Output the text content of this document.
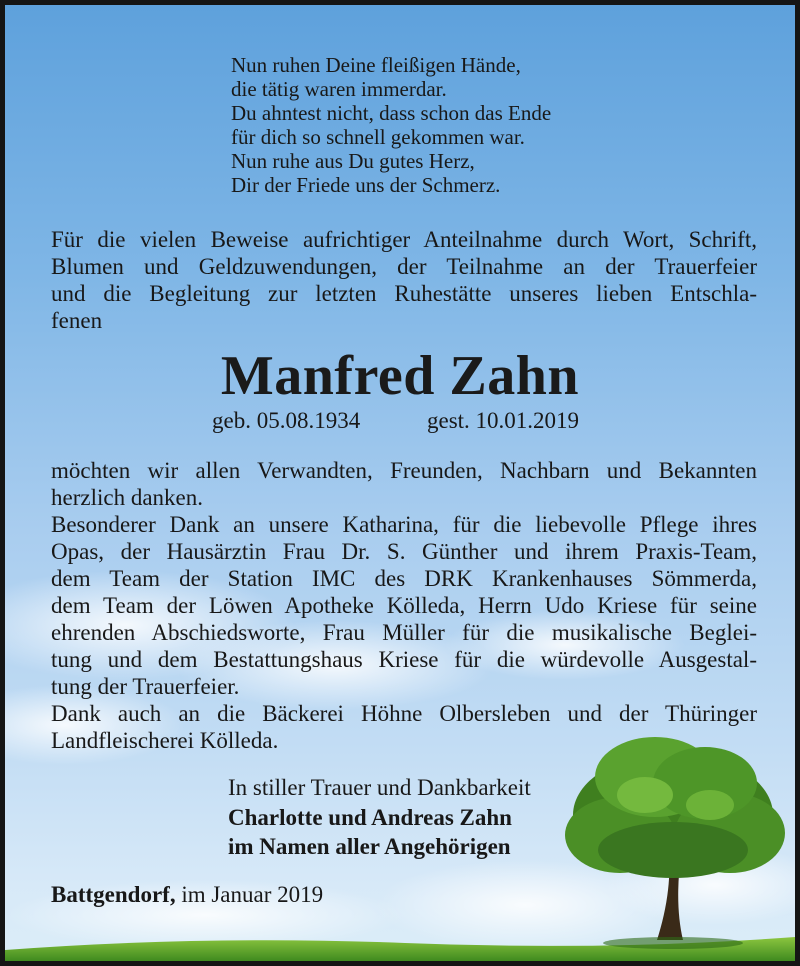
Nun ruhen Deine fleißigen Hände,
die tätig waren immerdar.
Du ahntest nicht, dass schon das Ende
für dich so schnell gekommen war.
Nun ruhe aus Du gutes Herz,
Dir der Friede uns der Schmerz.
Für die vielen Beweise aufrichtiger Anteilnahme durch Wort, Schrift,
Blumen und Geldzuwendungen, der Teilnahme an der Trauerfeier
und die Begleitung zur letzten Ruhestätte unseres lieben Entschla-
fenen
Manfred Zahn
geb. 05.08.1934	gest. 10.01.2019
möchten wir allen Verwandten, Freunden, Nachbarn und Bekannten
herzlich danken.
Besonderer Dank an unsere Katharina, für die liebevolle Pflege ihres
Opas, der Hausärztin Frau Dr. S. Günther und ihrem Praxis-Team,
dem Team der Station IMC des DRK Krankenhauses Sömmerda,
dem Team der Löwen Apotheke Kölleda, Herrn Udo Kriese für seine
ehrenden Abschiedsworte, Frau Müller für die musikalische Beglei-
tung und dem Bestattungshaus Kriese für die würdevolle Ausgestal-
tung der Trauerfeier.
Dank auch an die Bäckerei Höhne Olbersleben und der Thüringer
Landfleischerei Kölleda.
In stiller Trauer und Dankbarkeit
Charlotte und Andreas Zahn
im Namen aller Angehörigen
Battgendorf, im Januar 2019
